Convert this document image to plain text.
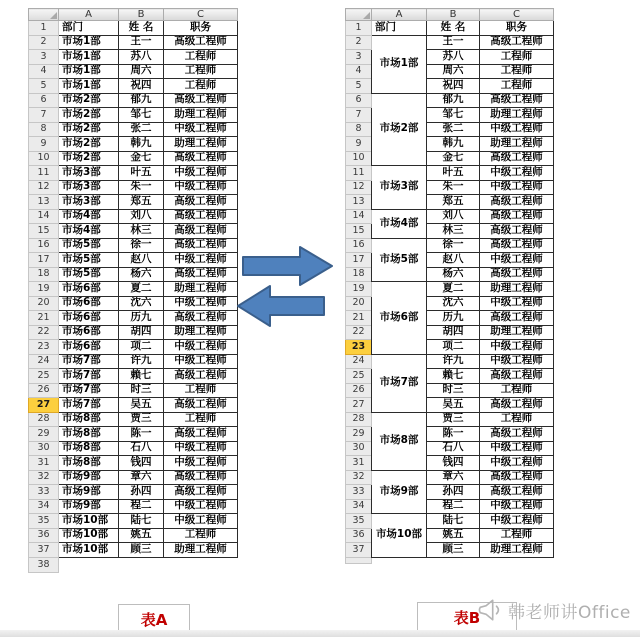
	A	B	C
1	部门	姓 名	职务
2	市场1部	王一	高级工程师
3	市场1部	苏八	工程师
4	市场1部	周六	工程师
5	市场1部	祝四	工程师
6	市场2部	郁九	高级工程师
7	市场2部	邹七	助理工程师
8	市场2部	张二	中级工程师
9	市场2部	韩九	助理工程师
10	市场2部	金七	高级工程师
11	市场3部	叶五	中级工程师
12	市场3部	朱一	中级工程师
13	市场3部	郑五	高级工程师
14	市场4部	刘八	高级工程师
15	市场4部	林三	高级工程师
16	市场5部	徐一	高级工程师
17	市场5部	赵八	中级工程师
18	市场5部	杨六	高级工程师
19	市场6部	夏二	助理工程师
20	市场6部	沈六	中级工程师
21	市场6部	历九	高级工程师
22	市场6部	胡四	助理工程师
23	市场6部	项二	中级工程师
24	市场7部	许九	中级工程师
25	市场7部	赖七	高级工程师
26	市场7部	时三	工程师
27	市场7部	吴五	高级工程师
28	市场8部	贾三	工程师
29	市场8部	陈一	高级工程师
30	市场8部	石八	中级工程师
31	市场8部	钱四	中级工程师
32	市场9部	章六	高级工程师
33	市场9部	孙四	高级工程师
34	市场9部	程二	中级工程师
35	市场10部	陆七	中级工程师
36	市场10部	姚五	工程师
37	市场10部	顾三	助理工程师
38			
	A	B	C
1	部门	姓 名	职务
2	市场1部	王一	高级工程师
3		苏八	工程师
4		周六	工程师
5		祝四	工程师
6	市场2部	郁九	高级工程师
7		邹七	助理工程师
8		张二	中级工程师
9		韩九	助理工程师
10		金七	高级工程师
11	市场3部	叶五	中级工程师
12		朱一	中级工程师
13		郑五	高级工程师
14	市场4部	刘八	高级工程师
15		林三	高级工程师
16	市场5部	徐一	高级工程师
17		赵八	中级工程师
18		杨六	高级工程师
19	市场6部	夏二	助理工程师
20		沈六	中级工程师
21		历九	高级工程师
22		胡四	助理工程师
23		项二	中级工程师
24	市场7部	许九	中级工程师
25		赖七	高级工程师
26		时三	工程师
27		吴五	高级工程师
28	市场8部	贾三	工程师
29		陈一	高级工程师
30		石八	中级工程师
31		钱四	中级工程师
32	市场9部	章六	高级工程师
33		孙四	高级工程师
34		程二	中级工程师
35	市场10部	陆七	中级工程师
36		姚五	工程师
37		顾三	助理工程师

表A	表B	韩老师讲Office
